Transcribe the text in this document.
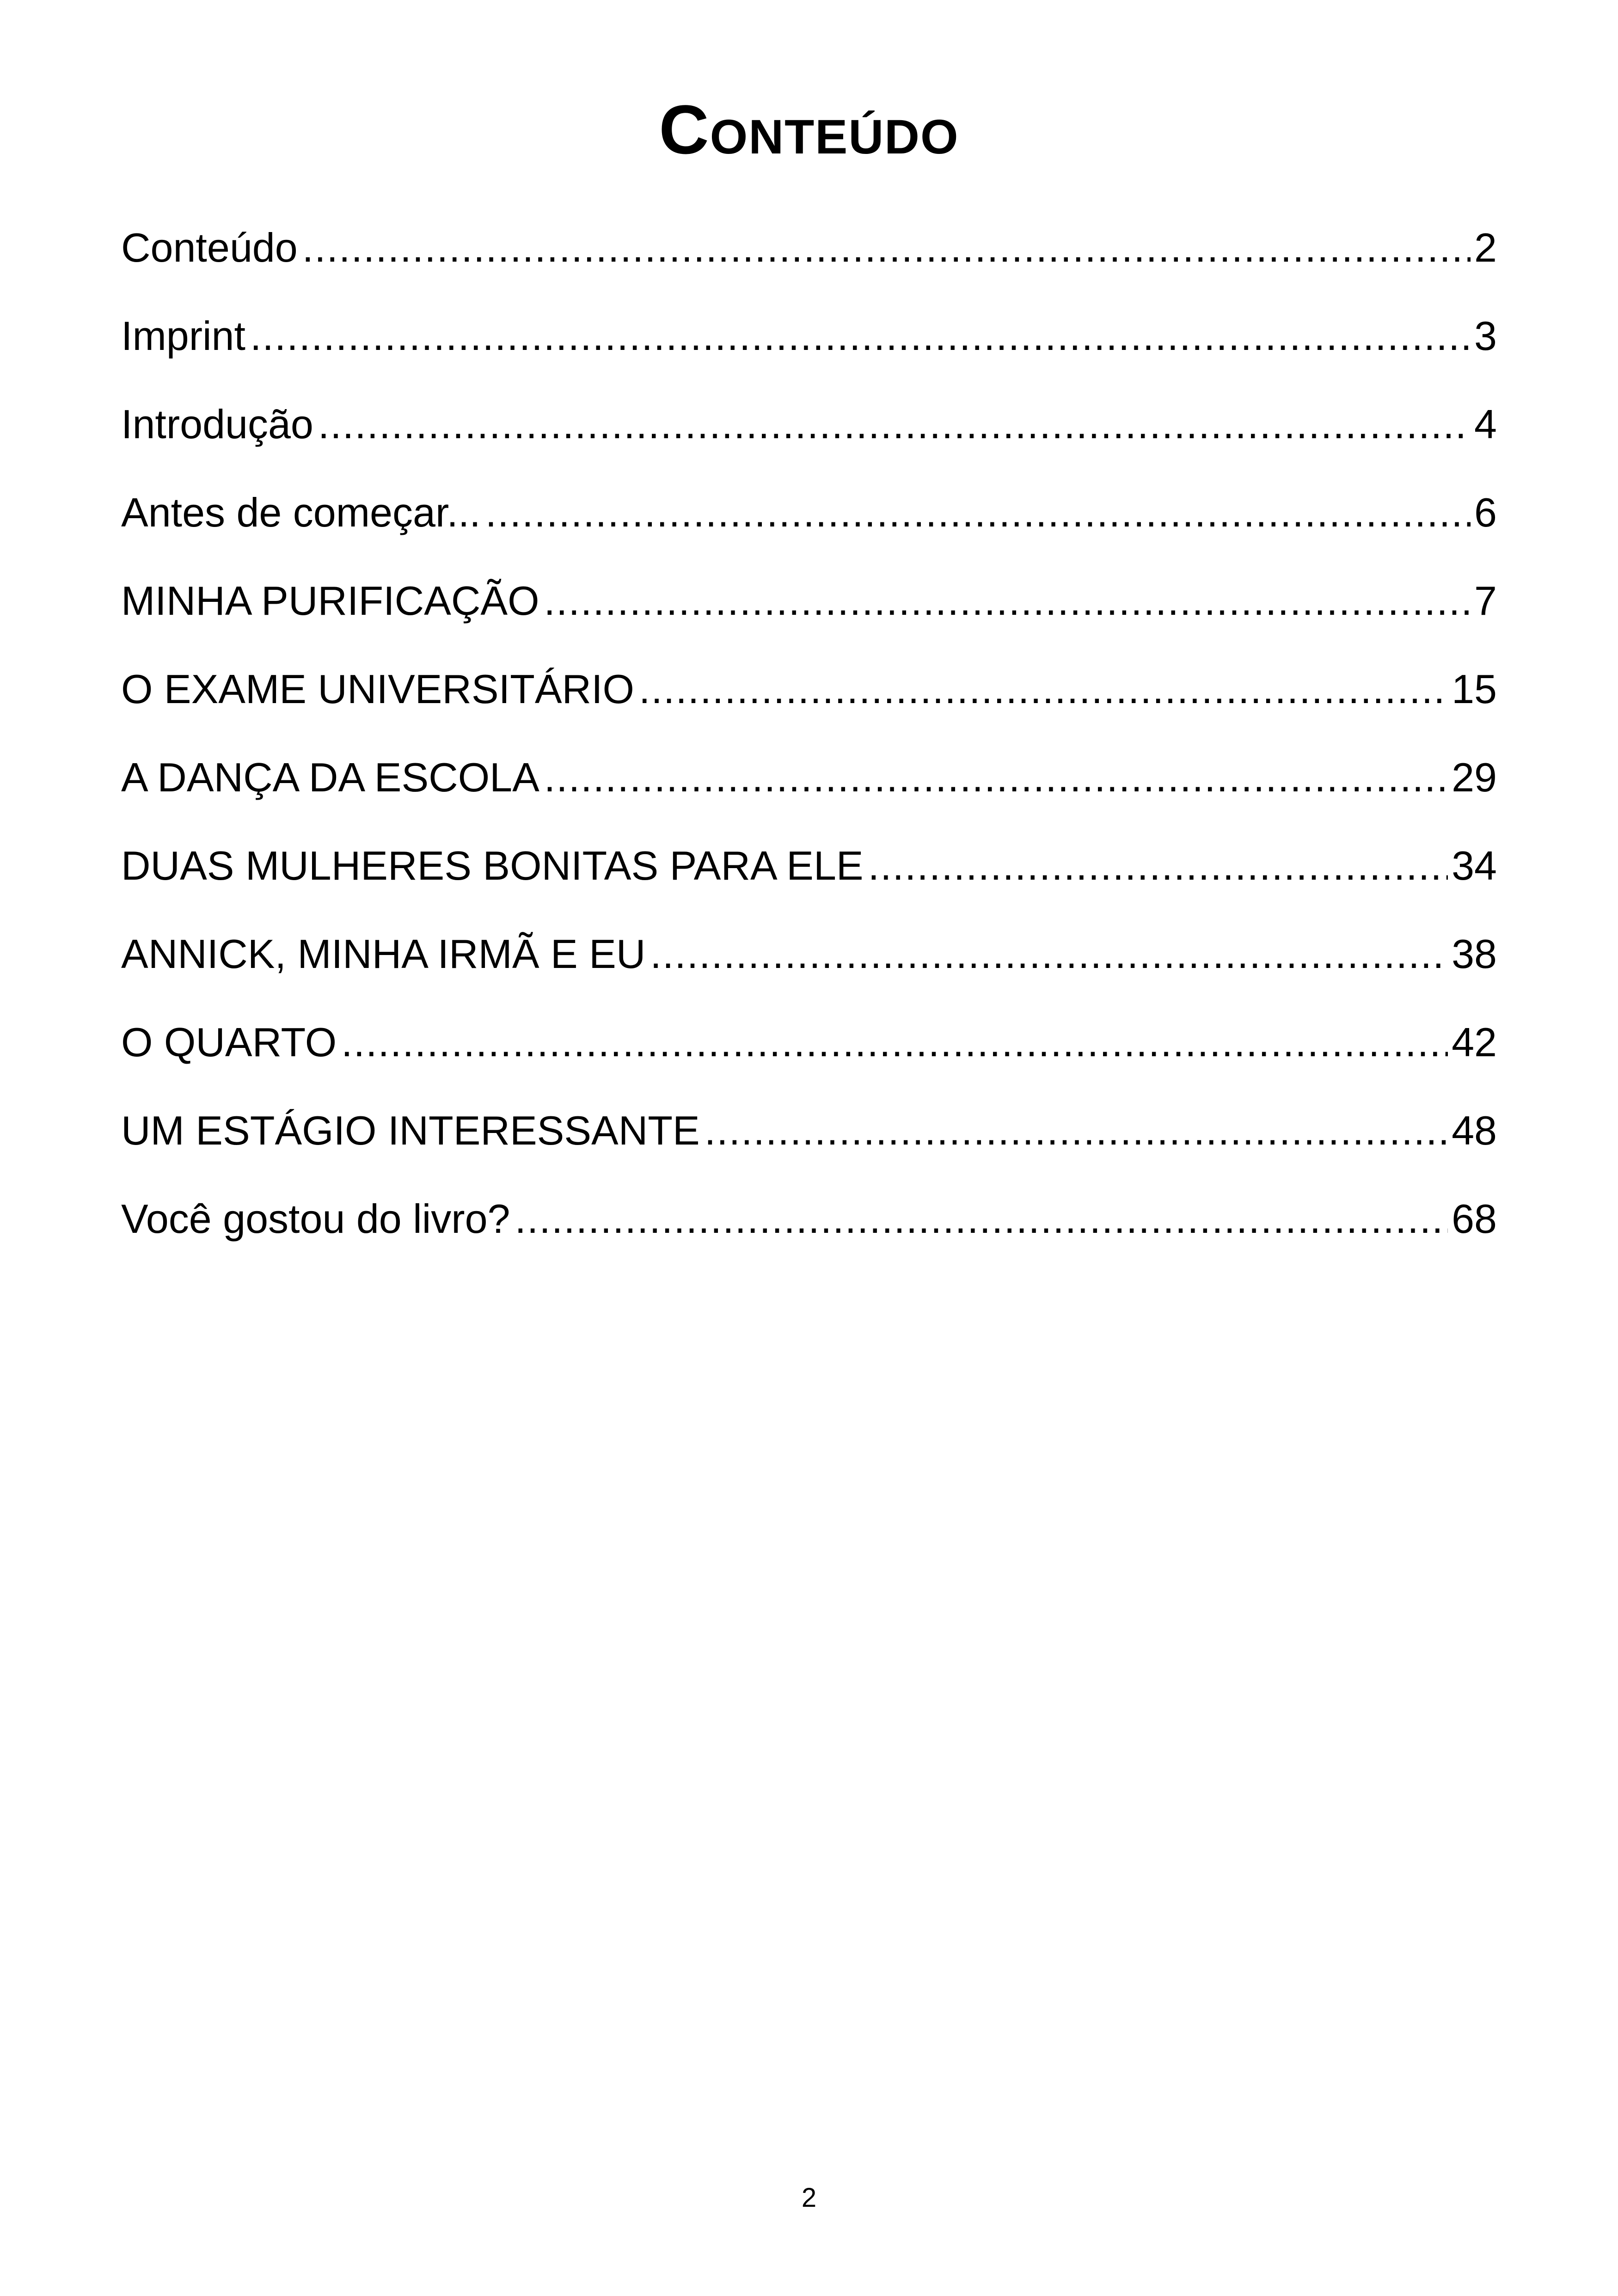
Conteúdo
Conteúdo .....	2
Imprint .....	3
Introdução .....	4
Antes de começar... .....	6
MINHA PURIFICAÇÃO .....	7
O EXAME UNIVERSITÁRIO .....	15
A DANÇA DA ESCOLA .....	29
DUAS MULHERES BONITAS PARA ELE .....	34
ANNICK, MINHA IRMÃ E EU .....	38
O QUARTO .....	42
UM ESTÁGIO INTERESSANTE .....	48
Você gostou do livro? .....	68
2
